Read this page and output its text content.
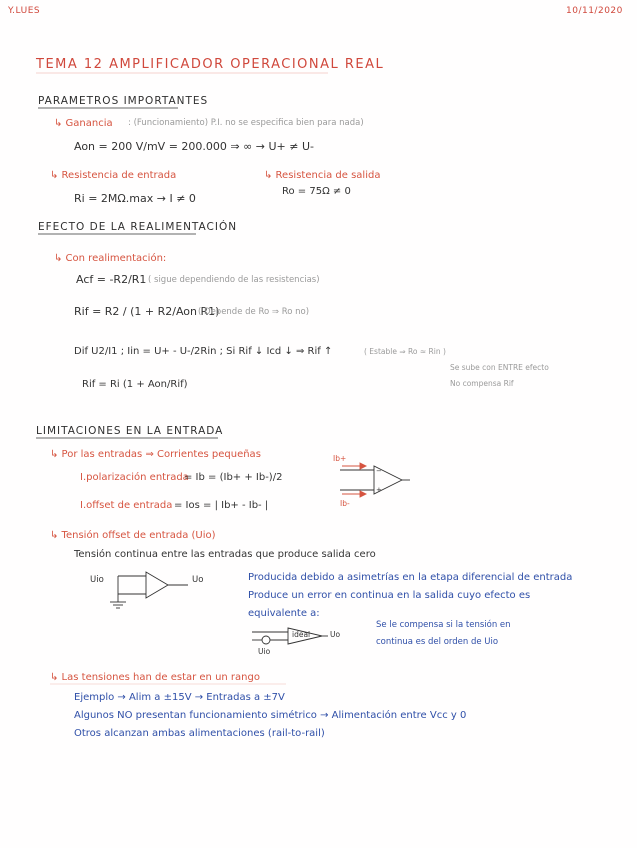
Y.LUES	10/11/2020
TEMA 12 AMPLIFICADOR OPERACIONAL REAL
PARAMETROS IMPORTANTES
↳ Ganancia : (Funcionamiento) P.I. no se especifica bien para nada)
Aon = 200 V/mV = 200.000 ⇒ ∞ → U+ ≠ U-
↳ Resistencia de entrada
Ri = 2MΩ.max → I ≠ 0
↳ Resistencia de salida
Ro = 75Ω ≠ 0
EFECTO DE LA REALIMENTACIÓN
↳ Con realimentación:
Acf = -R2/R1 ( sigue dependiendo de las resistencias)
Rif = R2 / (1 + R2/Aon R1)
( Depende de Ro ⇒ Ro no)
Dif U2/I1 ; Iin = U+ - U-/2Rin ; Si Rif ↓ Icd ↓ ⇒ Rif ↑	( Estable ⇒ Ro ≈ Rin )
Rif = Ri (1 + Aon/Rif)
Se sube con ENTRE efecto
No compensa Rif
LIMITACIONES EN LA ENTRADA
↳ Por las entradas ⇒ Corrientes pequeñas
I.polarización entrada
= Ib = (Ib+ + Ib-)/2
I.offset de entrada = Ios = | Ib+ - Ib- |
Ib+
Ib-
↳ Tensión offset de entrada (Uio)
Tensión continua entre las entradas que produce salida cero
Uio	Uo	Producida debido a asimetrías en la etapa diferencial de entrada
Produce un error en continua en la salida cuyo efecto es
equivalente a:
ideal
Uio
Uo
Se le compensa si la tensión en
continua es del orden de Uio
↳ Las tensiones han de estar en un rango
Ejemplo → Alim a ±15V → Entradas a ±7V
Algunos NO presentan funcionamiento simétrico → Alimentación entre Vcc y 0
Otros alcanzan ambas alimentaciones (rail-to-rail)
−
+
